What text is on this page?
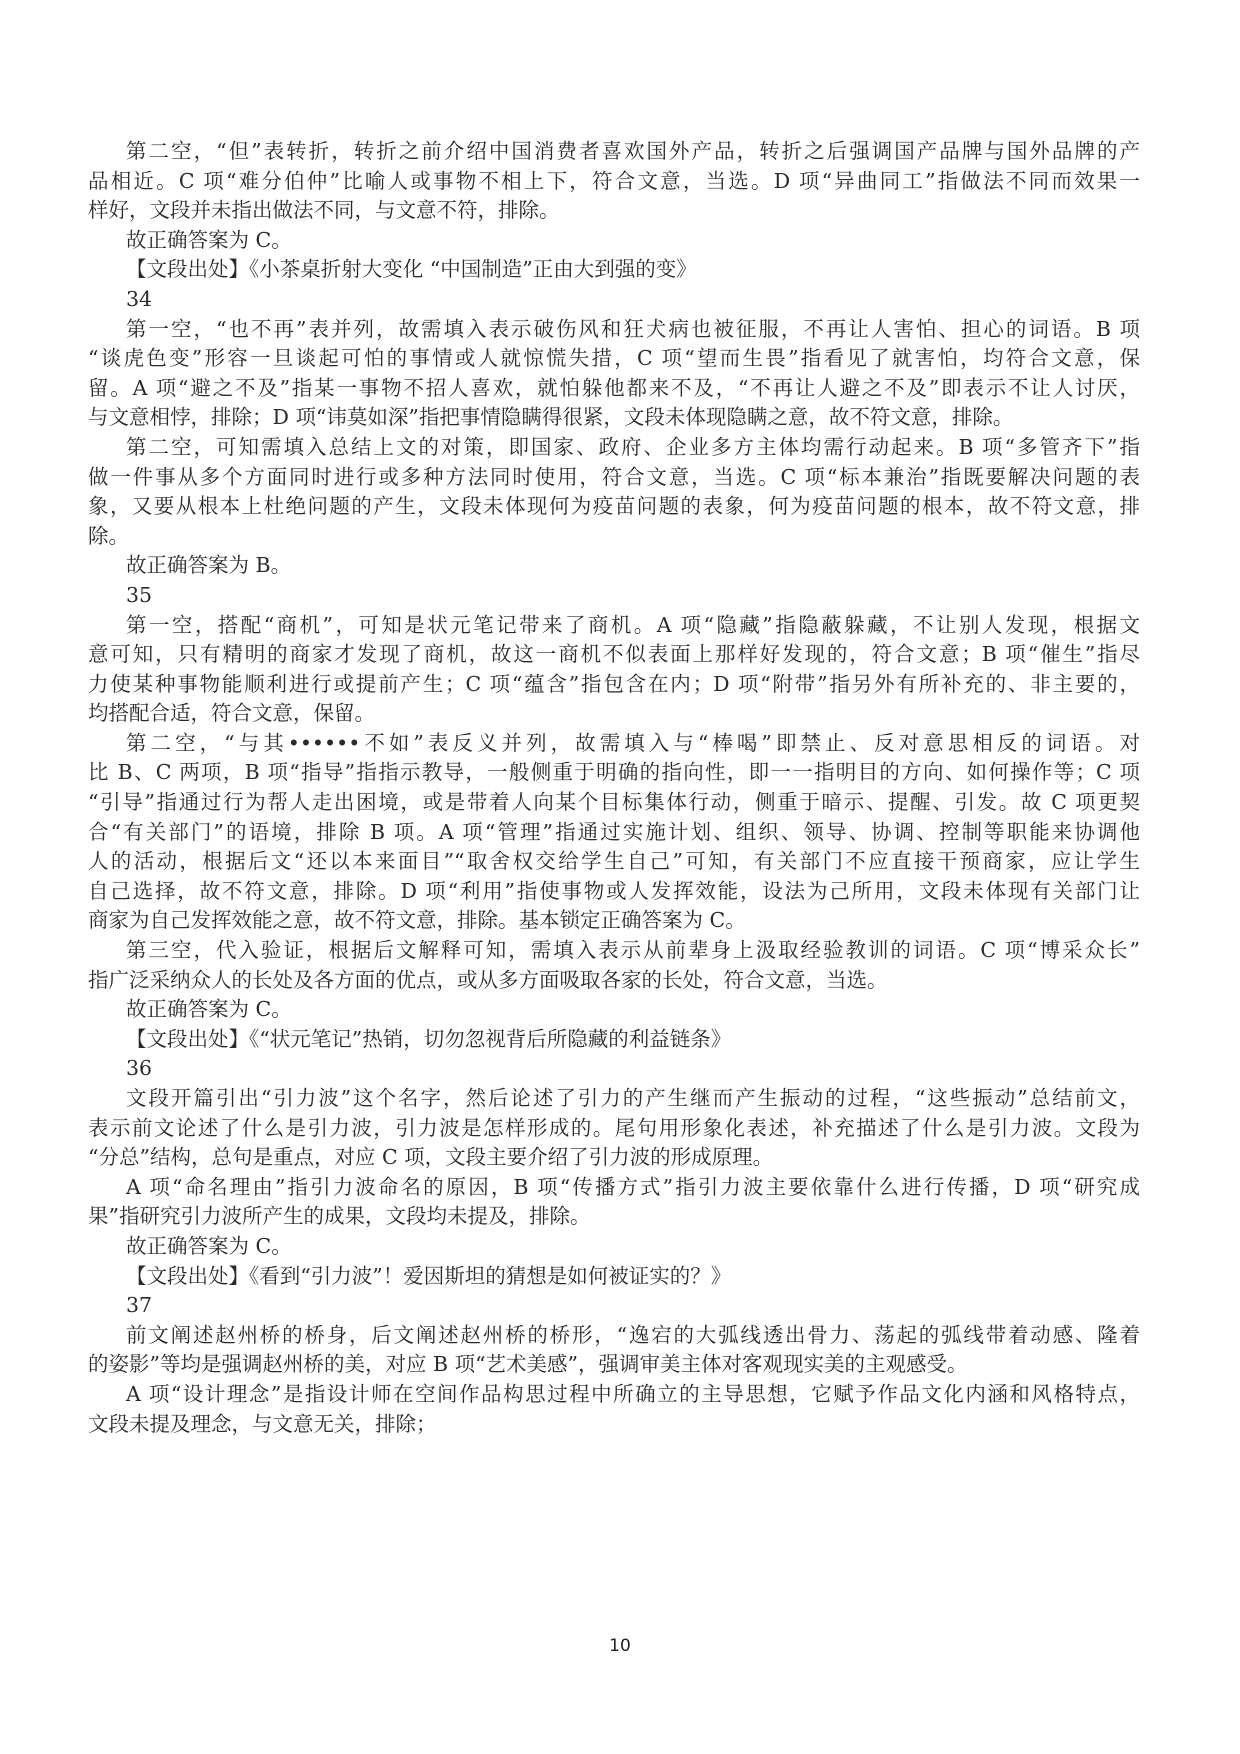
第二空，“但”表转折，转折之前介绍中国消费者喜欢国外产品，转折之后强调国产品牌与国外品牌的产
品相近。C 项“难分伯仲”比喻人或事物不相上下，符合文意，当选。D 项“异曲同工”指做法不同而效果一
样好，文段并未指出做法不同，与文意不符，排除。
故正确答案为 C。
【文段出处】《小茶桌折射大变化 “中国制造”正由大到强的变》
34
第一空，“也不再”表并列，故需填入表示破伤风和狂犬病也被征服，不再让人害怕、担心的词语。B 项
“谈虎色变”形容一旦谈起可怕的事情或人就惊慌失措，C 项“望而生畏”指看见了就害怕，均符合文意，保
留。A 项“避之不及”指某一事物不招人喜欢，就怕躲他都来不及，“不再让人避之不及”即表示不让人讨厌，
与文意相悖，排除；D 项“讳莫如深”指把事情隐瞒得很紧，文段未体现隐瞒之意，故不符文意，排除。
第二空，可知需填入总结上文的对策，即国家、政府、企业多方主体均需行动起来。B 项“多管齐下”指
做一件事从多个方面同时进行或多种方法同时使用，符合文意，当选。C 项“标本兼治”指既要解决问题的表
象，又要从根本上杜绝问题的产生，文段未体现何为疫苗问题的表象，何为疫苗问题的根本，故不符文意，排
除。
故正确答案为 B。
35
第一空，搭配“商机”，可知是状元笔记带来了商机。A 项“隐藏”指隐蔽躲藏，不让别人发现，根据文
意可知，只有精明的商家才发现了商机，故这一商机不似表面上那样好发现的，符合文意；B 项“催生”指尽
力使某种事物能顺利进行或提前产生；C 项“蕴含”指包含在内；D 项“附带”指另外有所补充的、非主要的，
均搭配合适，符合文意，保留。
第二空，“与其••••••不如”表反义并列，故需填入与“棒喝”即禁止、反对意思相反的词语。对
比 B、C 两项，B 项“指导”指指示教导，一般侧重于明确的指向性，即一一指明目的方向、如何操作等；C 项
“引导”指通过行为帮人走出困境，或是带着人向某个目标集体行动，侧重于暗示、提醒、引发。故 C 项更契
合“有关部门”的语境，排除 B 项。A 项“管理”指通过实施计划、组织、领导、协调、控制等职能来协调他
人的活动，根据后文“还以本来面目”“取舍权交给学生自己”可知，有关部门不应直接干预商家，应让学生
自己选择，故不符文意，排除。D 项“利用”指使事物或人发挥效能，设法为己所用，文段未体现有关部门让
商家为自己发挥效能之意，故不符文意，排除。基本锁定正确答案为 C。
第三空，代入验证，根据后文解释可知，需填入表示从前辈身上汲取经验教训的词语。C 项“博采众长”
指广泛采纳众人的长处及各方面的优点，或从多方面吸取各家的长处，符合文意，当选。
故正确答案为 C。
【文段出处】《“状元笔记”热销，切勿忽视背后所隐藏的利益链条》
36
文段开篇引出“引力波”这个名字，然后论述了引力的产生继而产生振动的过程，“这些振动”总结前文，
表示前文论述了什么是引力波，引力波是怎样形成的。尾句用形象化表述，补充描述了什么是引力波。文段为
“分总”结构，总句是重点，对应 C 项，文段主要介绍了引力波的形成原理。
A 项“命名理由”指引力波命名的原因，B 项“传播方式”指引力波主要依靠什么进行传播，D 项“研究成
果”指研究引力波所产生的成果，文段均未提及，排除。
故正确答案为 C。
【文段出处】《看到“引力波”！爱因斯坦的猜想是如何被证实的？》
37
前文阐述赵州桥的桥身，后文阐述赵州桥的桥形，“逸宕的大弧线透出骨力、荡起的弧线带着动感、隆着
的姿影”等均是强调赵州桥的美，对应 B 项“艺术美感”，强调审美主体对客观现实美的主观感受。
A 项“设计理念”是指设计师在空间作品构思过程中所确立的主导思想，它赋予作品文化内涵和风格特点，
文段未提及理念，与文意无关，排除；
10
